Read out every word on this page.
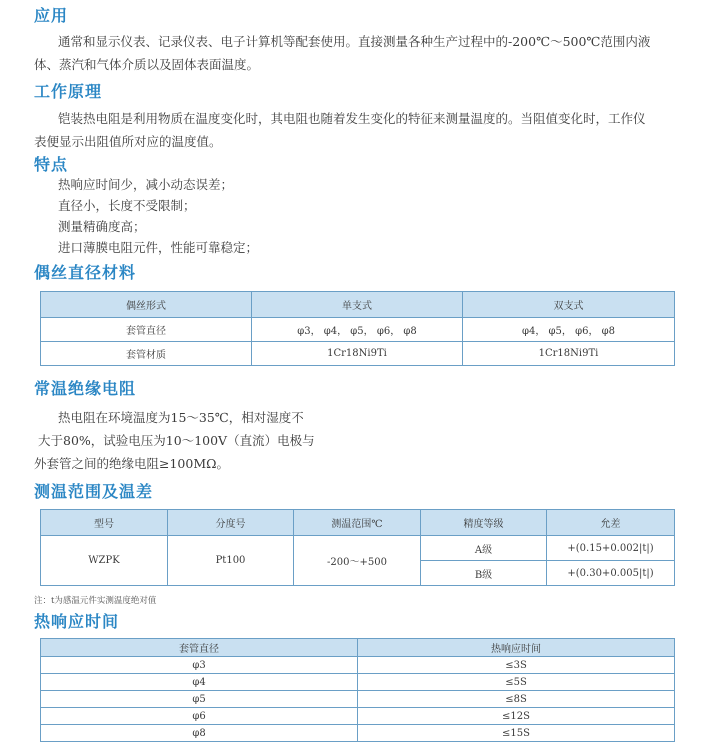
应用

通常和显示仪表、记录仪表、电子计算机等配套使用。直接测量各种生产过程中的-200℃～500℃范围内液体、蒸汽和气体介质以及固体表面温度。

工作原理

铠装热电阻是利用物质在温度变化时，其电阻也随着发生变化的特征来测量温度的。当阻值变化时，工作仪表便显示出阻值所对应的温度值。

特点

热响应时间少，减小动态误差；

直径小，长度不受限制；

测量精确度高；

进口薄膜电阻元件，性能可靠稳定；

偶丝直径材料
偶丝形式	单支式	双支式
套管直径	φ3， φ4， φ5， φ6， φ8	φ4， φ5， φ6， φ8
套管材质	1Cr18Ni9Ti	1Cr18Ni9Ti
常温绝缘电阻

热电阻在环境温度为15～35℃，相对湿度不

大于80%，试验电压为10～100V（直流）电极与

外套管之间的绝缘电阻≥100MΩ。

测温范围及温差
型号	分度号	测温范围℃	精度等级	允差
WZPK	Pt100	-200～+500	A级	+(0.15+0.002|t|)
			B级	+(0.30+0.005|t|)

注：t为感温元件实测温度绝对值

热响应时间
套管直径	热响应时间
φ3	≤3S
φ4	≤5S
φ5	≤8S
φ6	≤12S
φ8	≤15S
